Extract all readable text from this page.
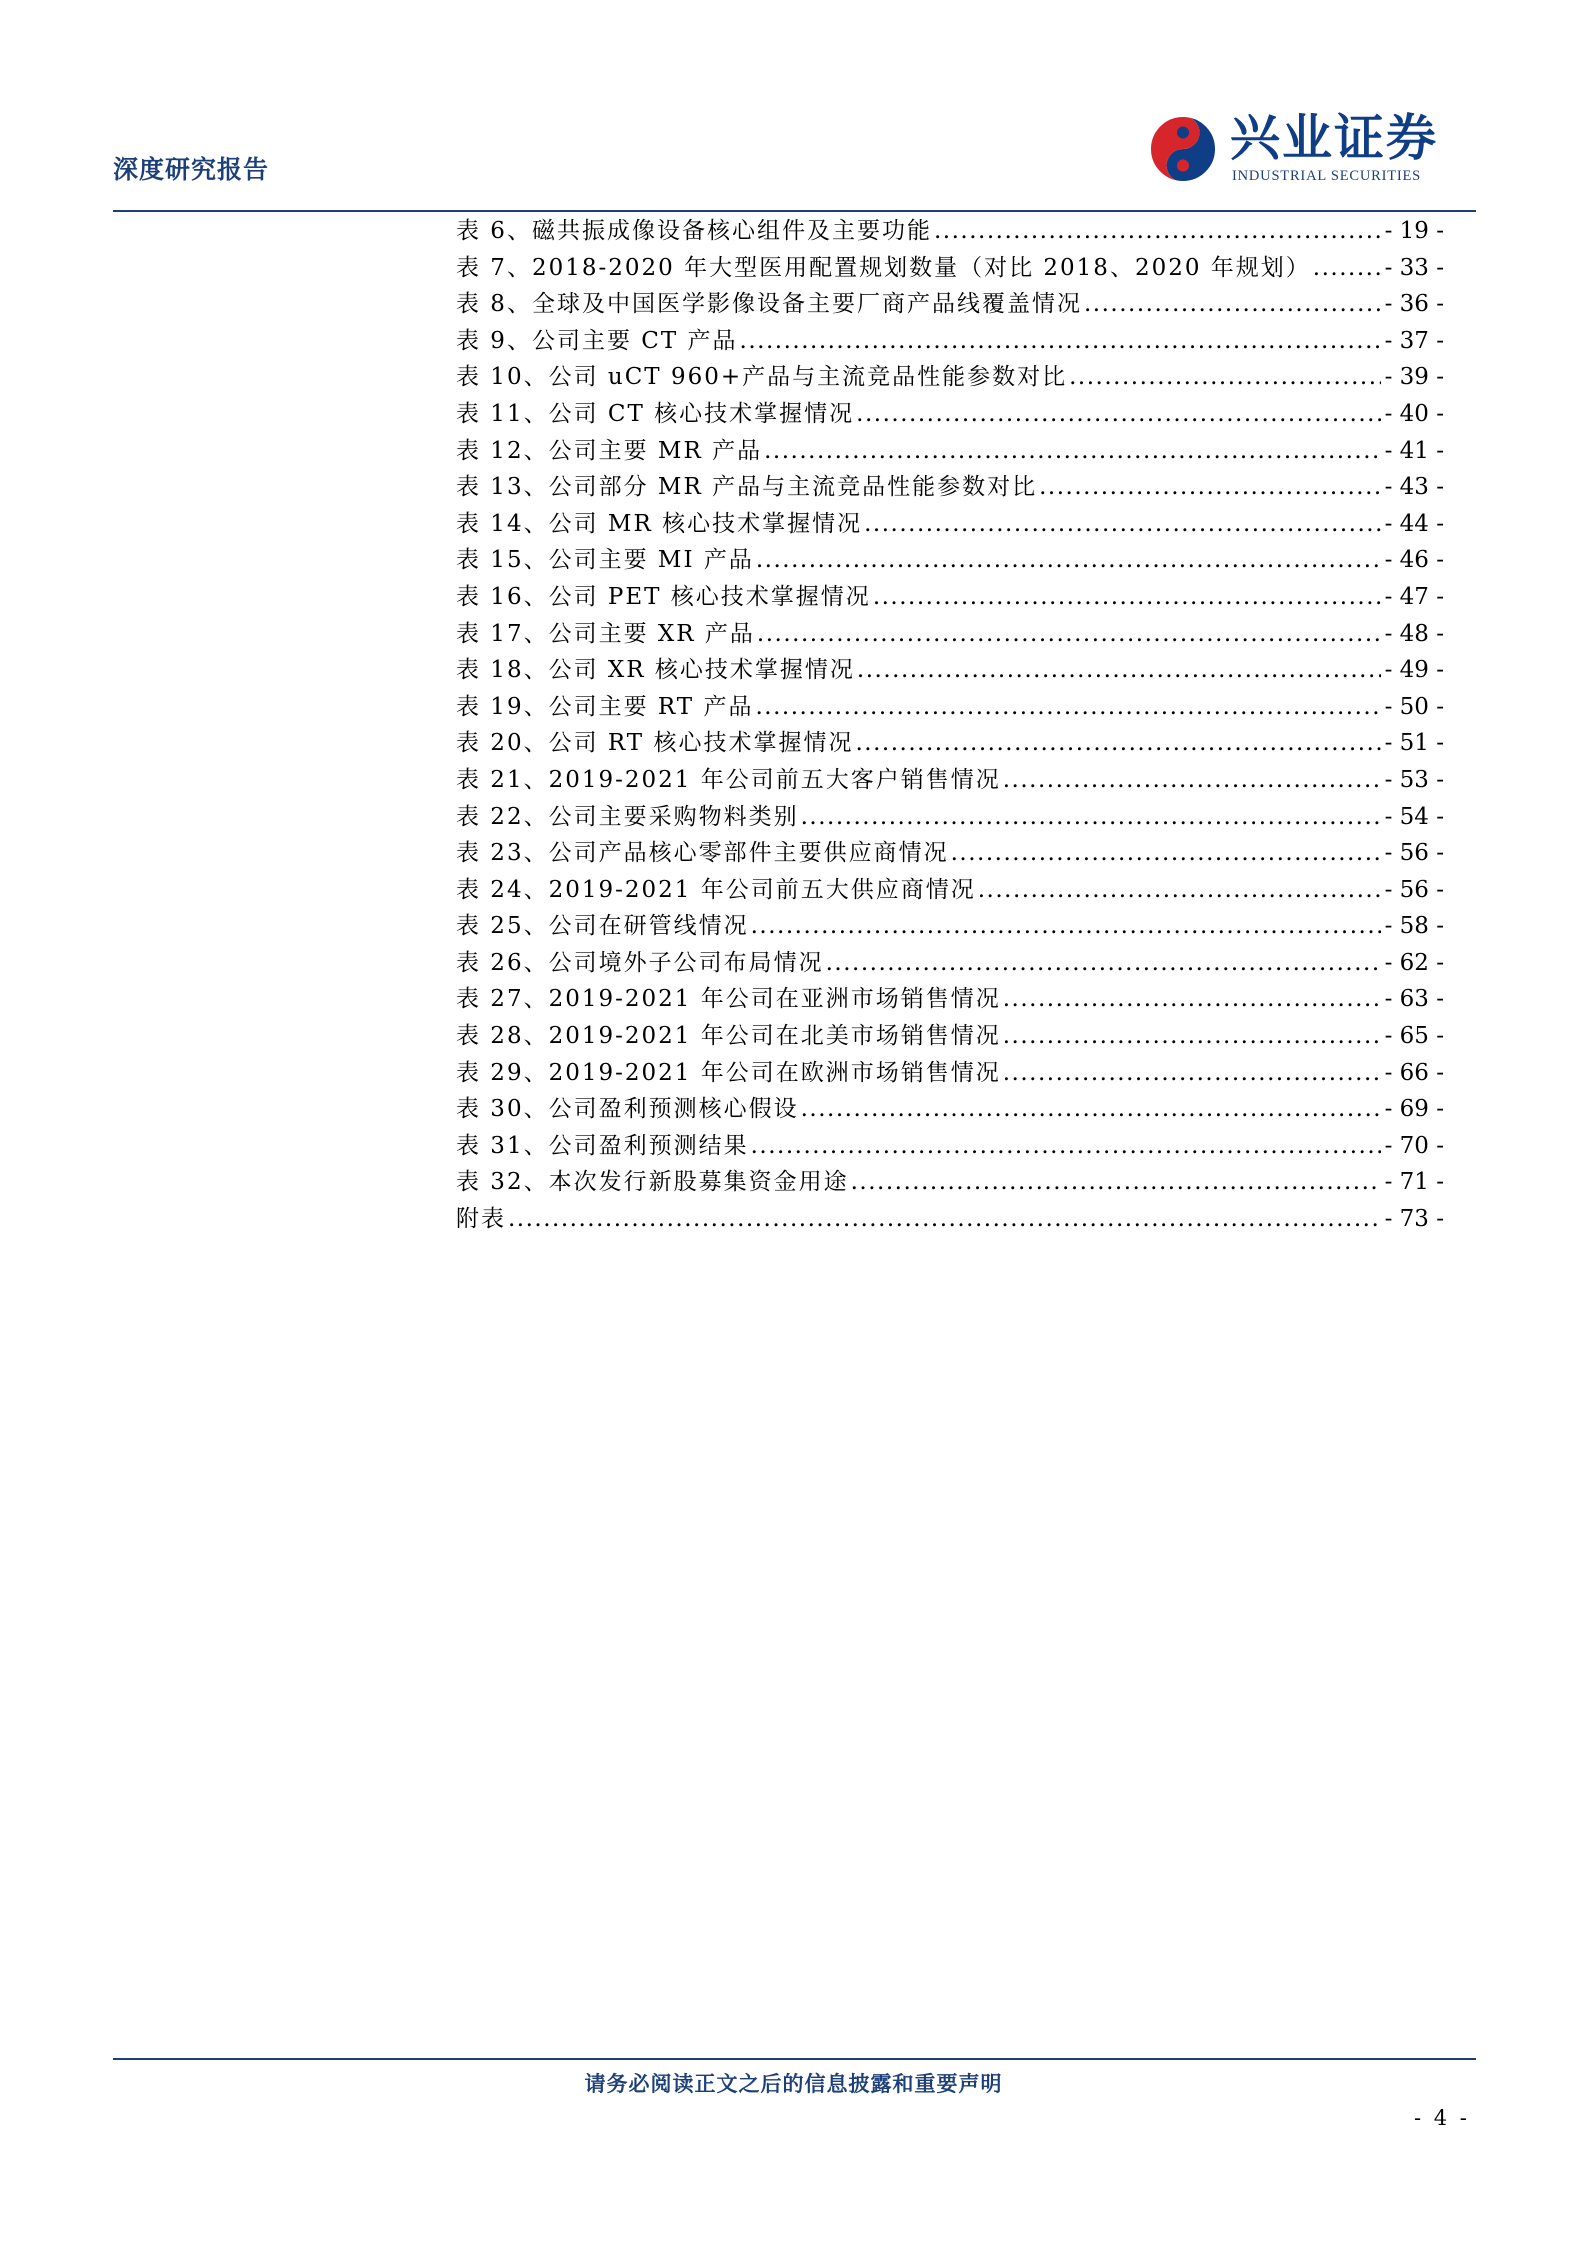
深度研究报告
兴业证券
INDUSTRIAL SECURITIES
表 6、磁共振成像设备核心组件及主要功能 .....	- 19 -
表 7、2018-2020 年大型医用配置规划数量（对比 2018、2020 年规划） .....	- 33 -
表 8、全球及中国医学影像设备主要厂商产品线覆盖情况 .....	- 36 -
表 9、公司主要 CT 产品 .....	- 37 -
表 10、公司 uCT 960+产品与主流竞品性能参数对比 .....	- 39 -
表 11、公司 CT 核心技术掌握情况 .....	- 40 -
表 12、公司主要 MR 产品 .....	- 41 -
表 13、公司部分 MR 产品与主流竞品性能参数对比 .....	- 43 -
表 14、公司 MR 核心技术掌握情况 .....	- 44 -
表 15、公司主要 MI 产品 .....	- 46 -
表 16、公司 PET 核心技术掌握情况 .....	- 47 -
表 17、公司主要 XR 产品 .....	- 48 -
表 18、公司 XR 核心技术掌握情况 .....	- 49 -
表 19、公司主要 RT 产品 .....	- 50 -
表 20、公司 RT 核心技术掌握情况 .....	- 51 -
表 21、2019-2021 年公司前五大客户销售情况 .....	- 53 -
表 22、公司主要采购物料类别 .....	- 54 -
表 23、公司产品核心零部件主要供应商情况 .....	- 56 -
表 24、2019-2021 年公司前五大供应商情况 .....	- 56 -
表 25、公司在研管线情况 .....	- 58 -
表 26、公司境外子公司布局情况 .....	- 62 -
表 27、2019-2021 年公司在亚洲市场销售情况 .....	- 63 -
表 28、2019-2021 年公司在北美市场销售情况 .....	- 65 -
表 29、2019-2021 年公司在欧洲市场销售情况 .....	- 66 -
表 30、公司盈利预测核心假设 .....	- 69 -
表 31、公司盈利预测结果 .....	- 70 -
表 32、本次发行新股募集资金用途 .....	- 71 -
附表 .....	- 73 -
请务必阅读正文之后的信息披露和重要声明
- 4 -
